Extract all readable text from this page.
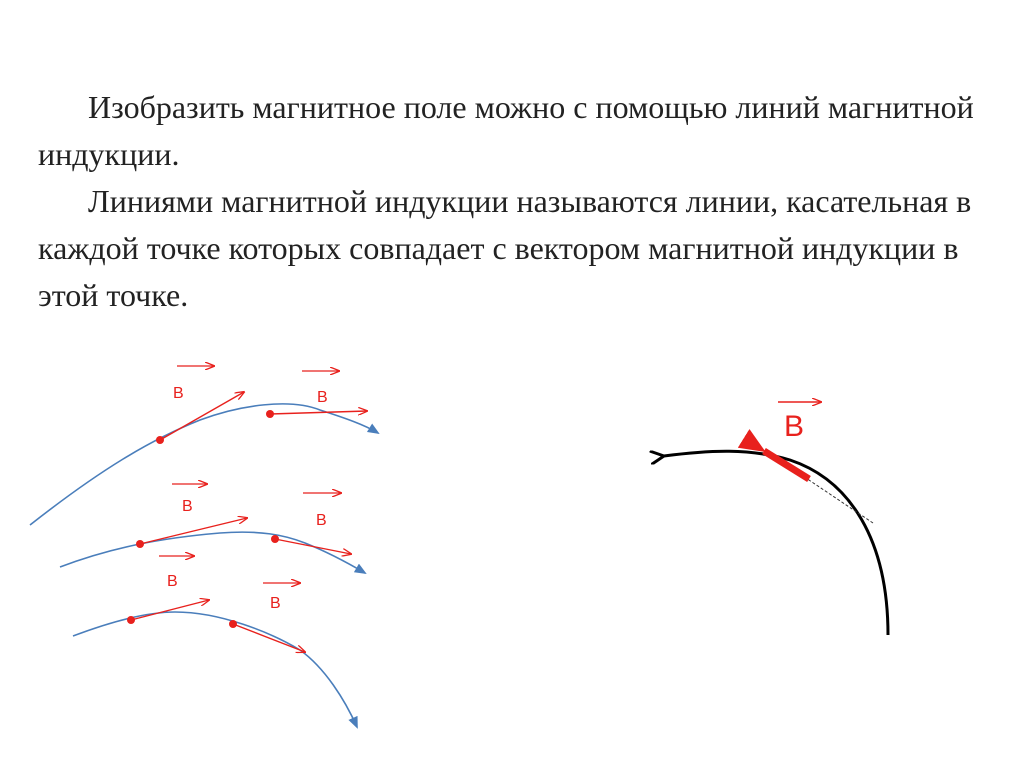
Изобразить магнитное поле можно с помощью линий магнитной индукции.

Линиями магнитной индукции называются линии, касательная в каждой точке которых совпадает с вектором магнитной индукции в этой точке.

B	B
B
B
B
B
B
